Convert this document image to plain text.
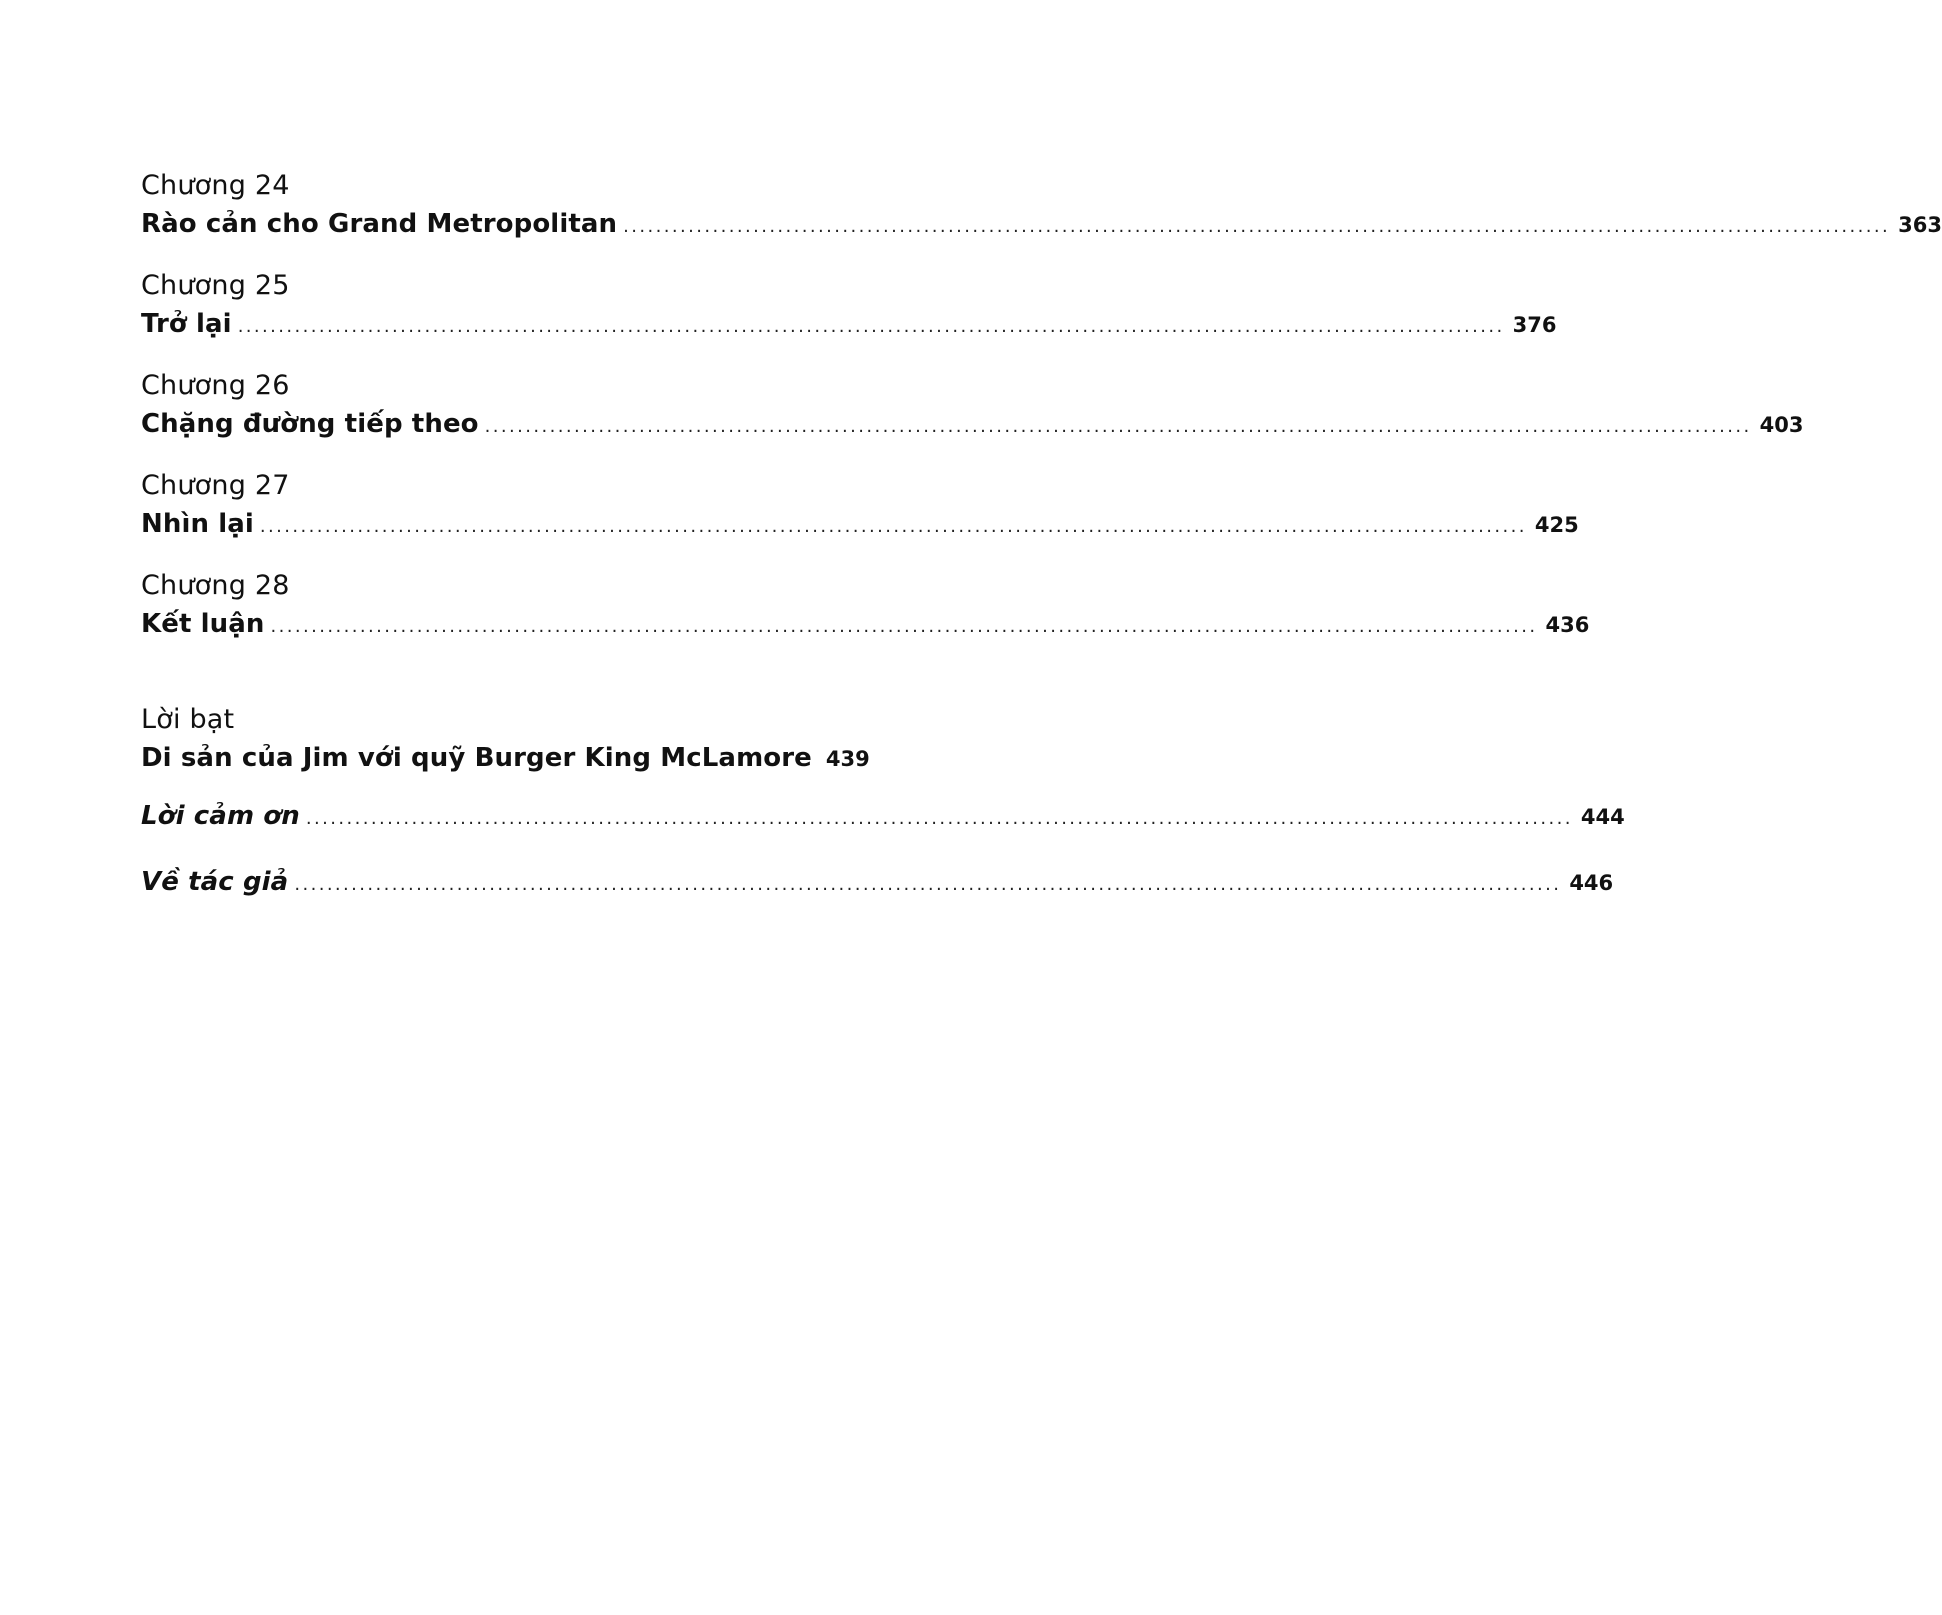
Chương 24
Rào cản cho Grand Metropolitan ............................................................................................................................................................ 363
Chương 25
Trở lại ............................................................................................................................................................ 376
Chương 26
Chặng đường tiếp theo ............................................................................................................................................................ 403
Chương 27
Nhìn lại ............................................................................................................................................................ 425
Chương 28
Kết luận ............................................................................................................................................................ 436
Lời bạt
Di sản của Jim với quỹ Burger King McLamore 439
Lời cảm ơn ............................................................................................................................................................ 444
Về tác giả ............................................................................................................................................................ 446
